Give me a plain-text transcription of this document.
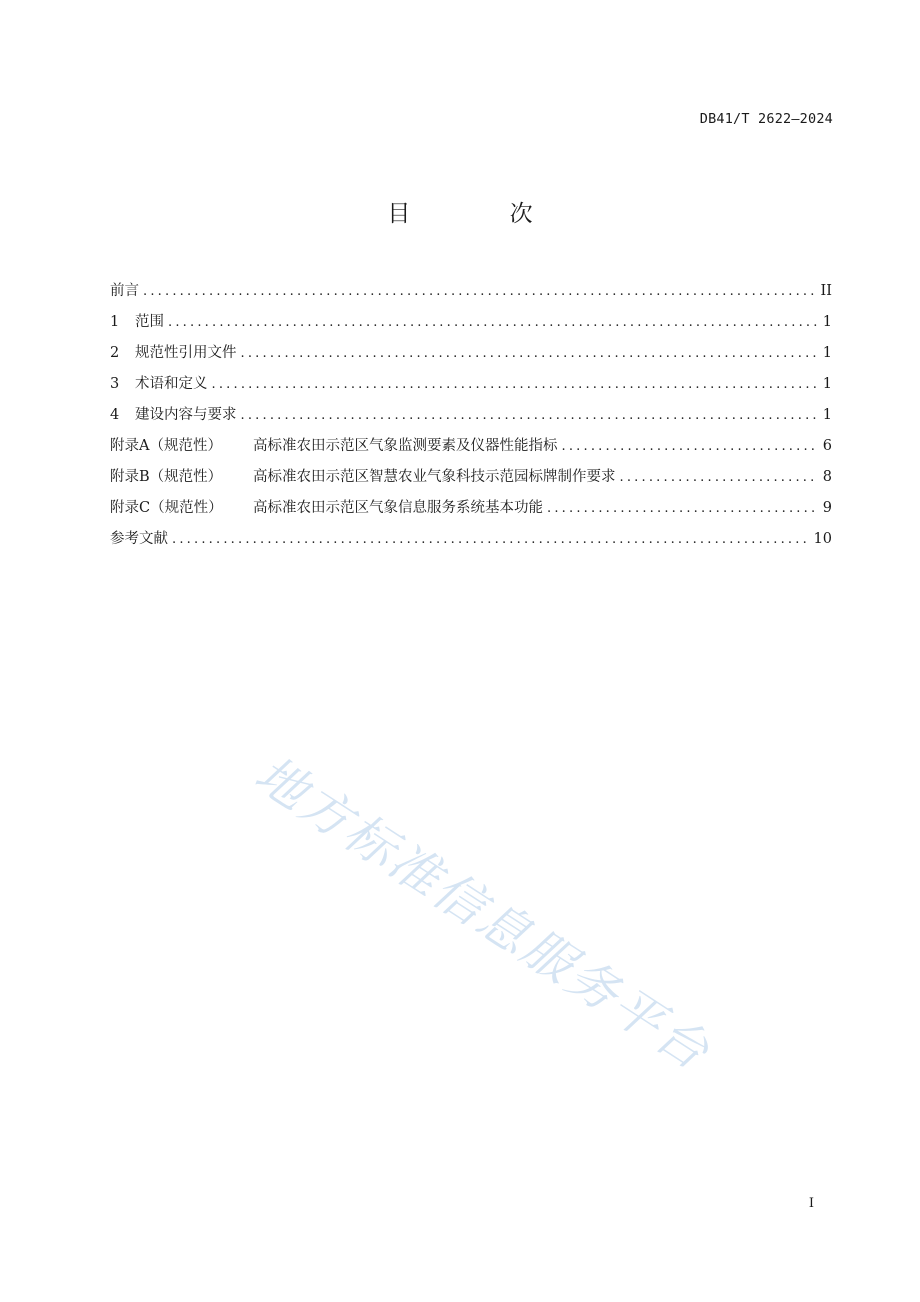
DB41/T 2622—2024
目 次
前言 .....	II
1	范围 .....	1
2	规范性引用文件 .....	1
3	术语和定义 .....	1
4	建设内容与要求 .....	1
附录A（规范性）	高标准农田示范区气象监测要素及仪器性能指标 .....	6
附录B（规范性）	高标准农田示范区智慧农业气象科技示范园标牌制作要求 .....	8
附录C（规范性）	高标准农田示范区气象信息服务系统基本功能 .....	9
参考文献 .....	10
地方标准信息服务平台
I
